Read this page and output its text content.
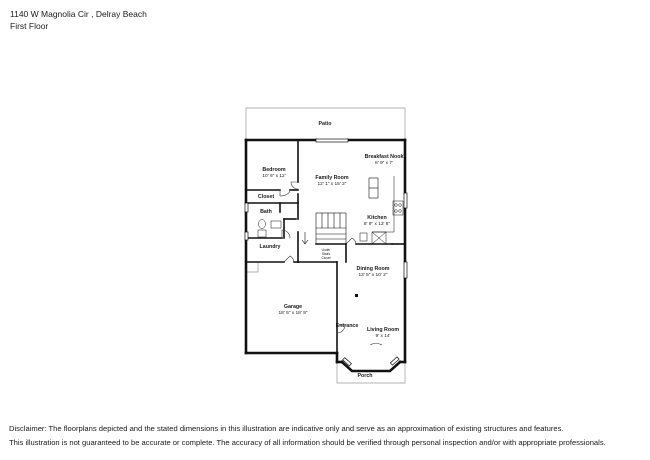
1140 W Magnolia Cir , Delray Beach
First Floor
Patio
Bedroom
10' 6" x 12'	Family Room
12' 1" x 15' 2"
Breakfast Nook
8' 9" x 7'
Closet
Bath
Kitchen
8' 9" x 13' 6"
Laundry	Under
Stairs
Closet
Dining Room
13' 5" x 10' 2"
Garage
18' 5" x 18' 9"
Entrance
Living Room
9' x 14'
Porch
Disclaimer: The floorplans depicted and the stated dimensions in this illustration are indicative only and serve as an approximation of existing structures and features.
This illustration is not guaranteed to be accurate or complete. The accuracy of all information should be verified through personal inspection and/or with appropriate professionals.
